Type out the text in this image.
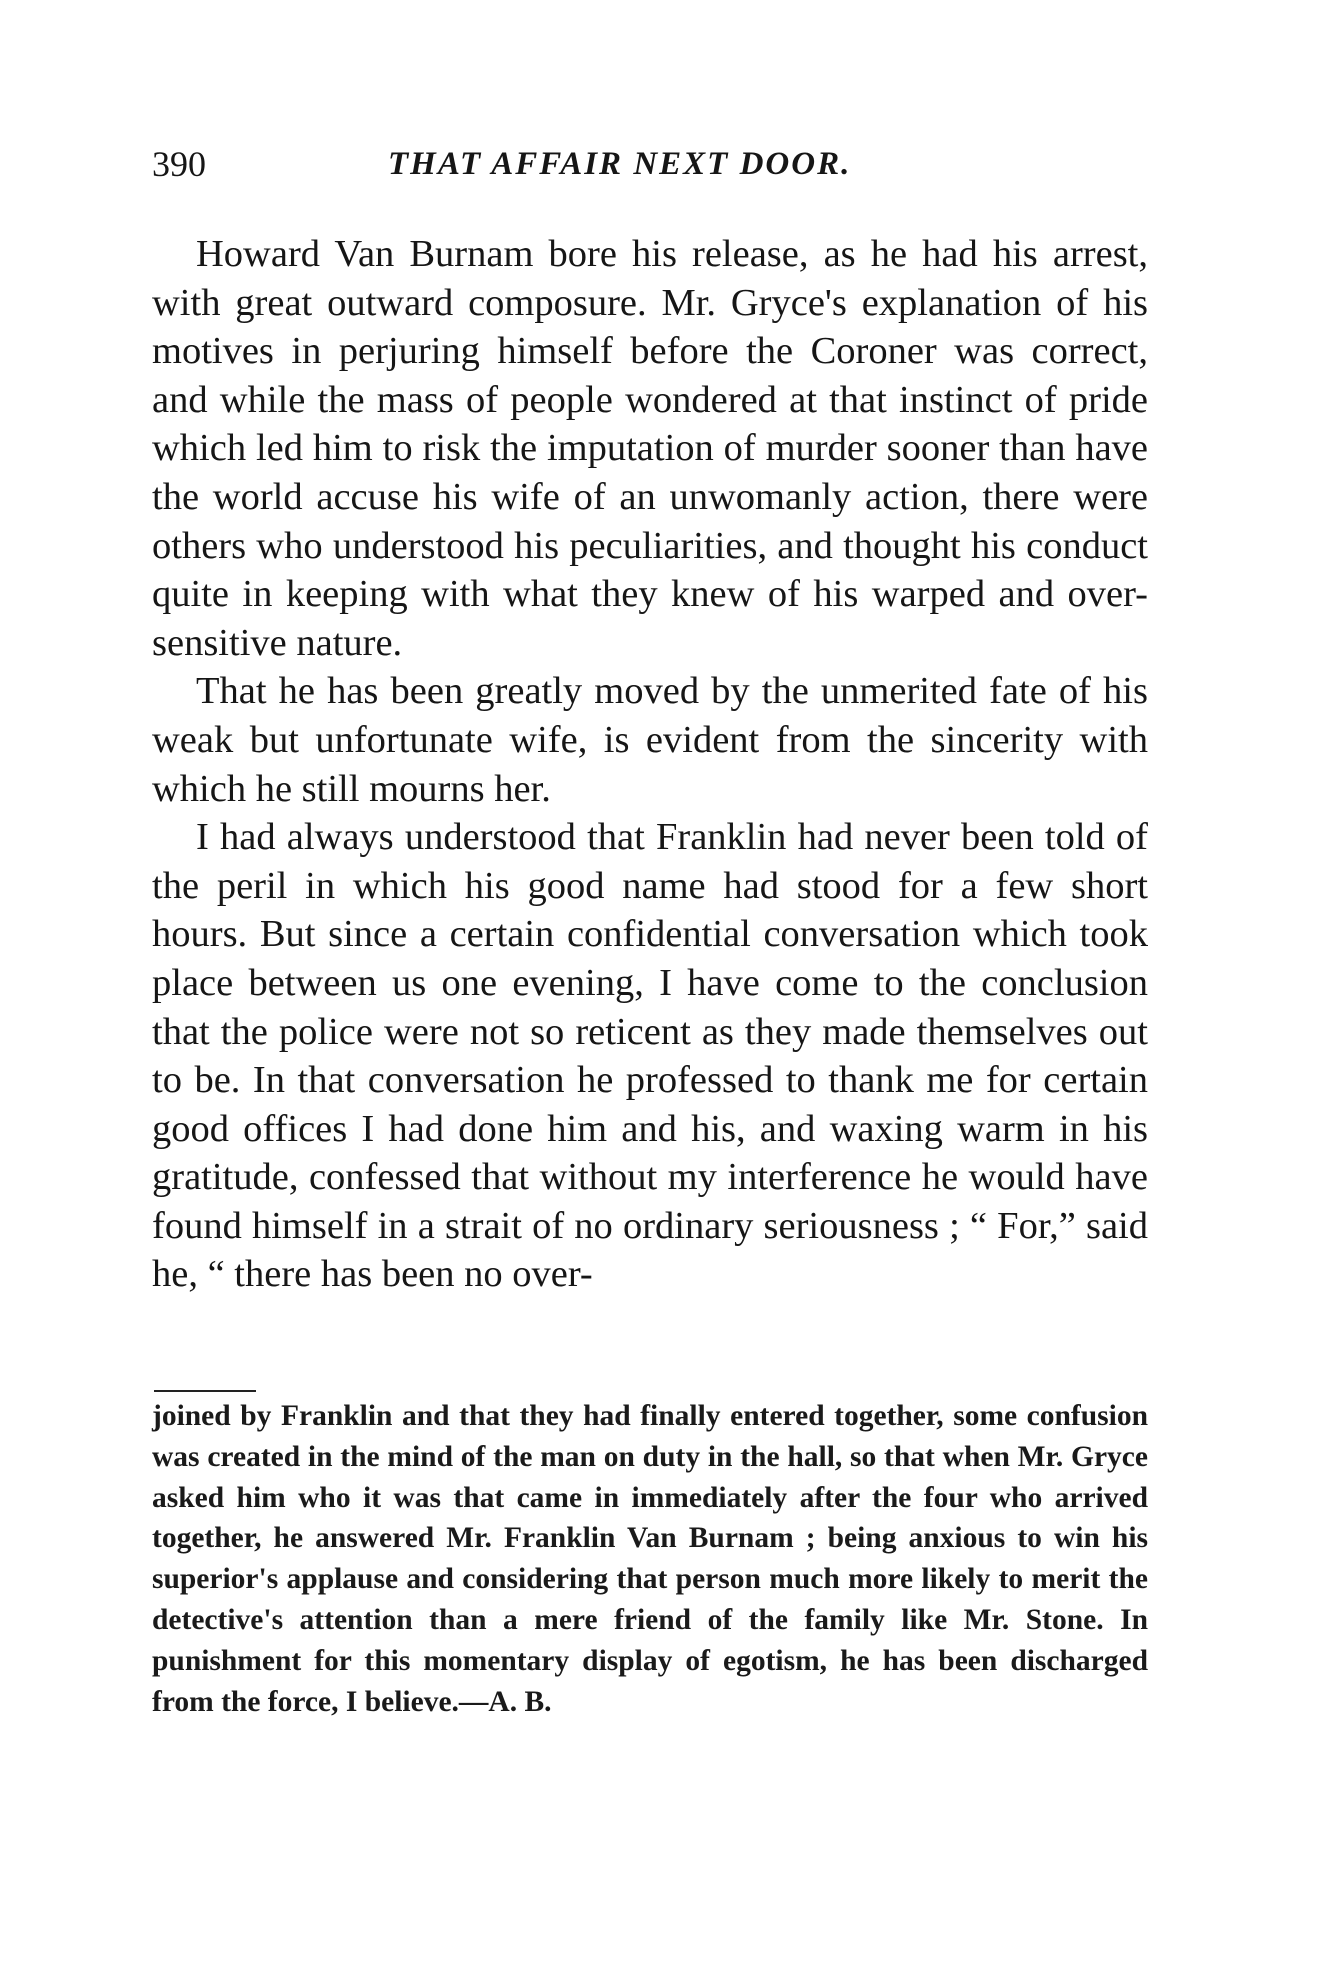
390	THAT AFFAIR NEXT DOOR.

Howard Van Burnam bore his release, as he had his arrest, with great outward composure. Mr. Gryce's explanation of his motives in perjuring himself before the Coroner was correct, and while the mass of people wondered at that instinct of pride which led him to risk the imputation of murder sooner than have the world accuse his wife of an unwomanly action, there were others who understood his peculiarities, and thought his conduct quite in keeping with what they knew of his warped and over-sensitive nature.

That he has been greatly moved by the unmerited fate of his weak but unfortunate wife, is evident from the sincerity with which he still mourns her.

I had always understood that Franklin had never been told of the peril in which his good name had stood for a few short hours. But since a certain confidential conversation which took place between us one evening, I have come to the conclusion that the police were not so reticent as they made themselves out to be. In that conversation he professed to thank me for certain good offices I had done him and his, and waxing warm in his gratitude, confessed that without my interference he would have found himself in a strait of no ordinary seriousness ; “ For,” said he, “ there has been no over-

joined by Franklin and that they had finally entered together, some confusion was created in the mind of the man on duty in the hall, so that when Mr. Gryce asked him who it was that came in immediately after the four who arrived together, he answered Mr. Franklin Van Burnam ; being anxious to win his superior's applause and considering that person much more likely to merit the detective's attention than a mere friend of the family like Mr. Stone. In punishment for this momentary display of egotism, he has been discharged from the force, I believe.—A. B.
